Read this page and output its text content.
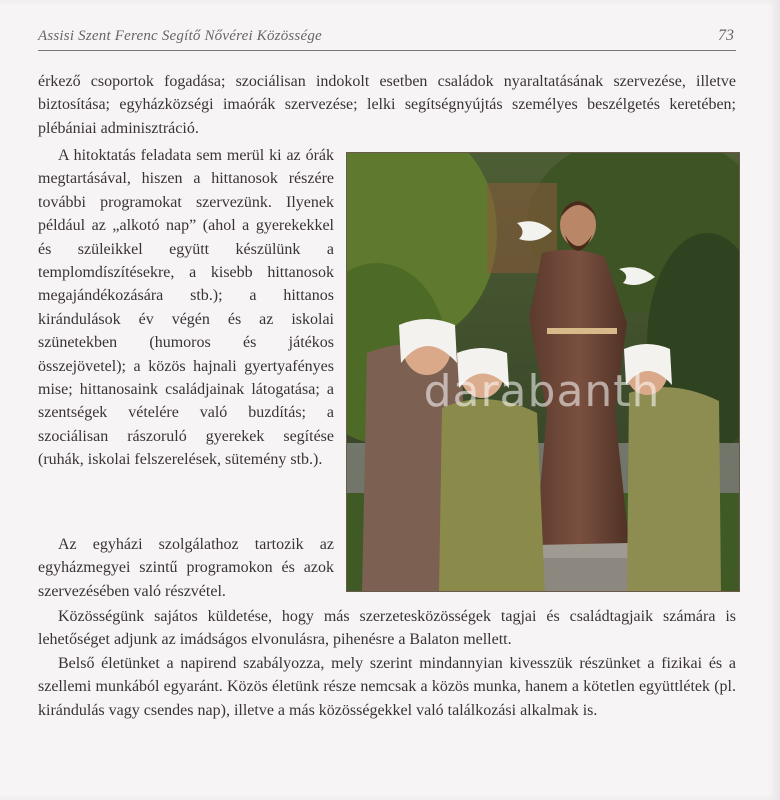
Assisi Szent Ferenc Segítő Nővérei Közössége	73

érkező csoportok fogadása; szociálisan indokolt esetben családok nyaraltatásának szervezése, illetve biztosítása; egyházközségi imaórák szervezése; lelki segítségnyújtás személyes beszélgetés keretében; plébániai adminisztráció.

A hitoktatás feladata sem merül ki az órák megtartásával, hiszen a hittanosok részére további programokat szervezünk. Ilyenek például az „alkotó nap” (ahol a gyerekekkel és szüleikkel együtt készülünk a templomdíszítésekre, a kisebb hittanosok megajándékozására stb.); a hittanos kirándulások év végén és az iskolai szünetekben (humoros és játékos összejövetel); a közös hajnali gyertyafényes mise; hittanosaink családjainak látogatása; a szentségek vételére való buzdítás; a szociálisan rászoruló gyerekek segítése (ruhák, iskolai felszerelések, sütemény stb.).

Az egyházi szolgálathoz tartozik az egyházmegyei szintű programokon és azok szervezésében való részvétel.

Közösségünk sajátos küldetése, hogy más szerzetesközösségek tagjai és családtagjaik számára is lehetőséget adjunk az imádságos elvonulásra, pihenésre a Balaton mellett.

Belső életünket a napirend szabályozza, mely szerint mindannyian kivesszük részünket a fizikai és a szellemi munkából egyaránt. Közös életünk része nemcsak a közös munka, hanem a kötetlen együttlétek (pl. kirándulás vagy csendes nap), illetve a más közösségekkel való találkozási alkalmak is.

darabanth
